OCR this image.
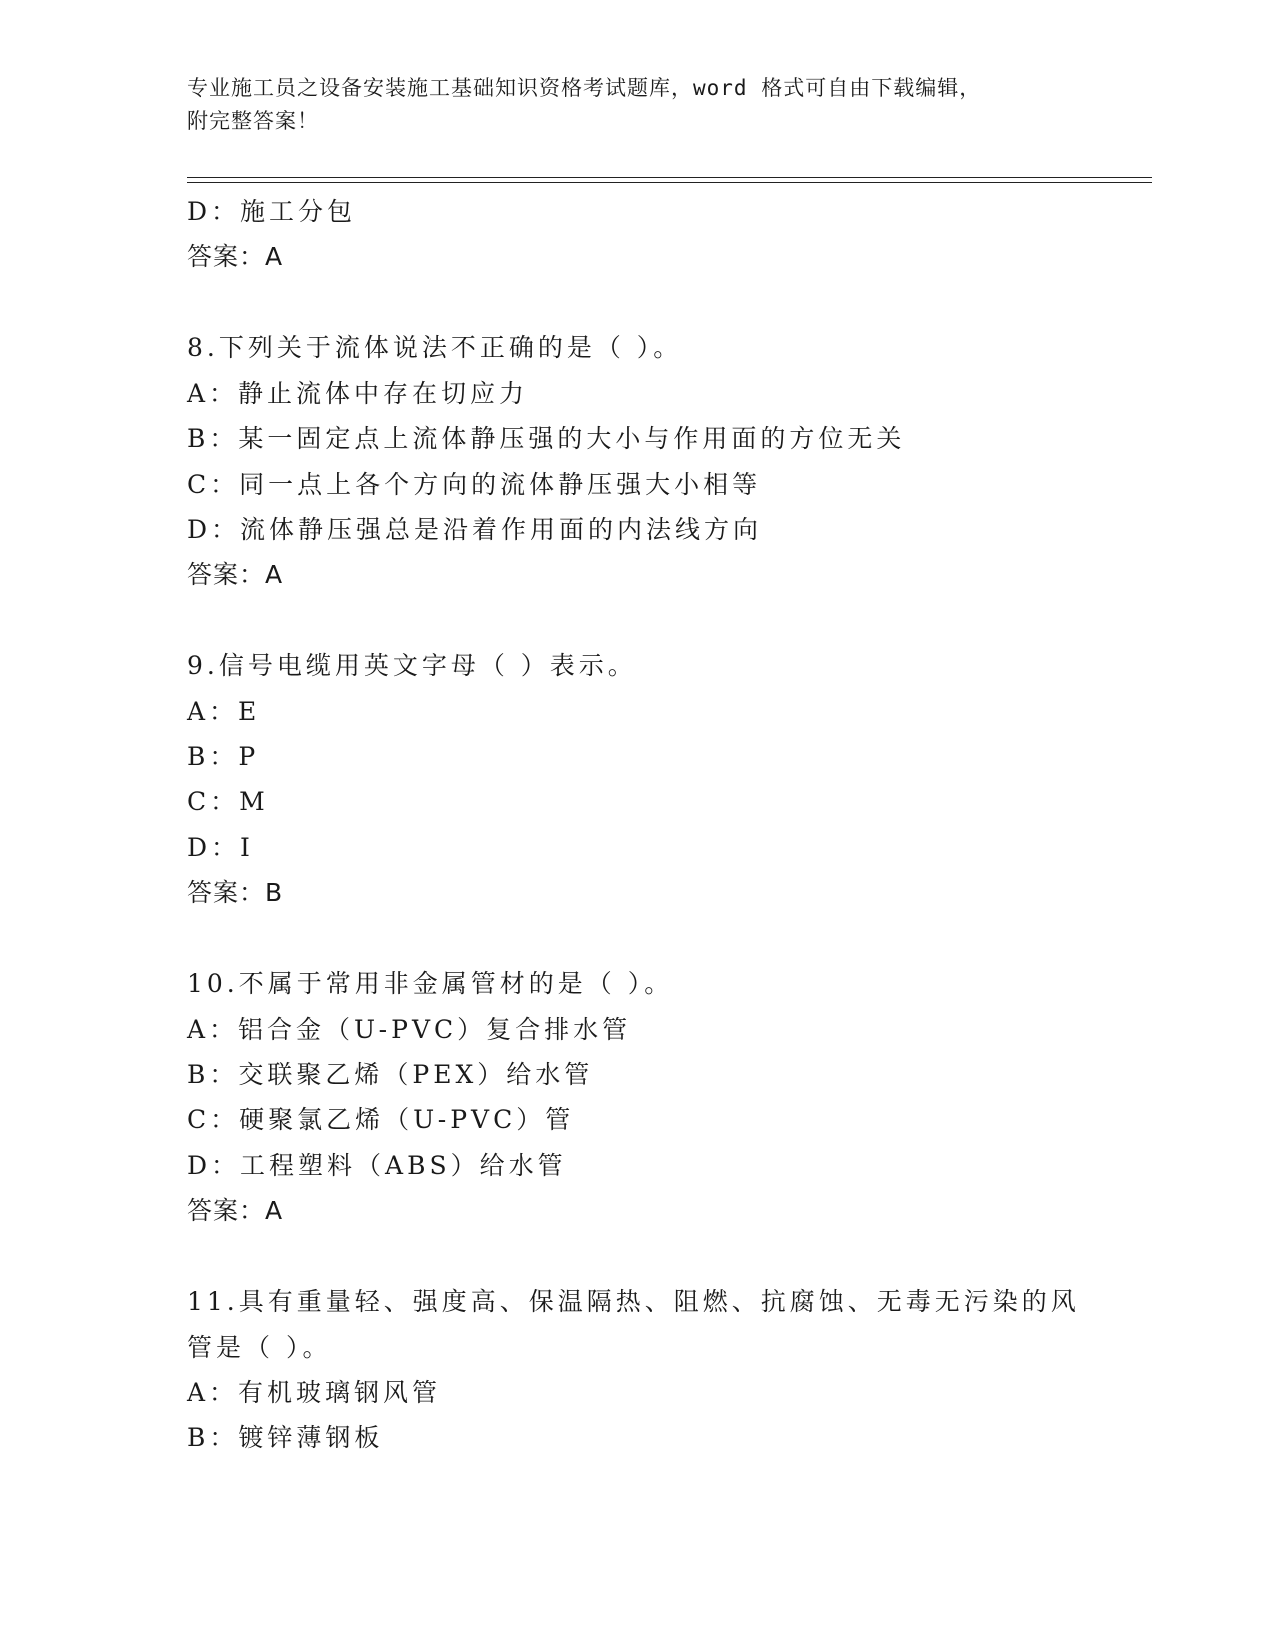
专业施工员之设备安装施工基础知识资格考试题库，word 格式可自由下载编辑，
附完整答案！
D：施工分包
答案：A
8.下列关于流体说法不正确的是（ ）。
A：静止流体中存在切应力
B：某一固定点上流体静压强的大小与作用面的方位无关
C：同一点上各个方向的流体静压强大小相等
D：流体静压强总是沿着作用面的内法线方向
答案：A
9.信号电缆用英文字母（ ）表示。
A：E
B：P
C：M
D：I
答案：B
10.不属于常用非金属管材的是（ ）。
A：铝合金（U-PVC）复合排水管
B：交联聚乙烯（PEX）给水管
C：硬聚氯乙烯（U-PVC）管
D：工程塑料（ABS）给水管
答案：A
11.具有重量轻、强度高、保温隔热、阻燃、抗腐蚀、无毒无污染的风
管是（ ）。
A：有机玻璃钢风管
B：镀锌薄钢板
